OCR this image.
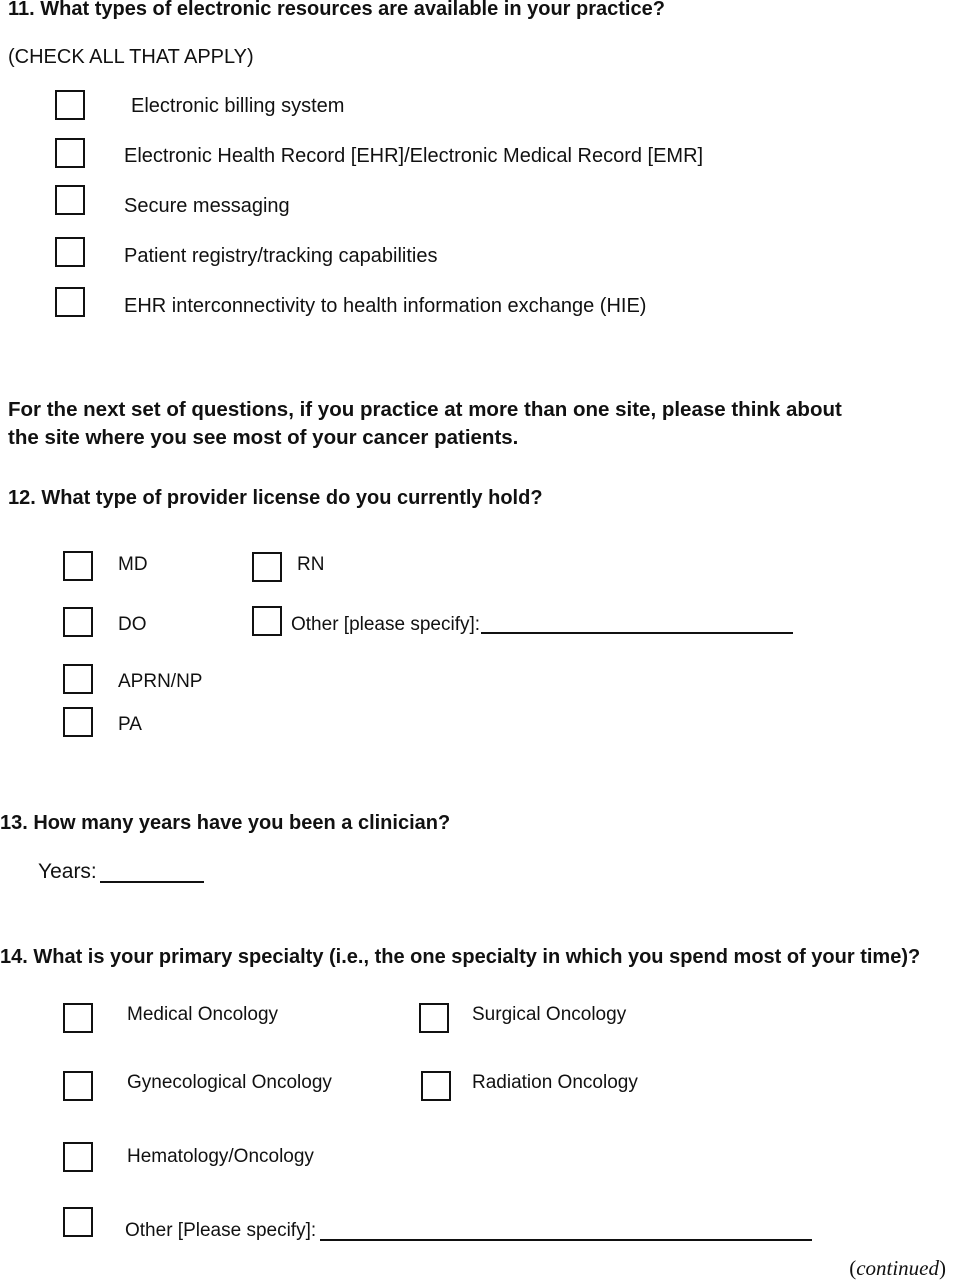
11. What types of electronic resources are available in your practice?
(CHECK ALL THAT APPLY)
Electronic billing system
Electronic Health Record [EHR]/Electronic Medical Record [EMR]
Secure messaging
Patient registry/tracking capabilities
EHR interconnectivity to health information exchange (HIE)
For the next set of questions, if you practice at more than one site, please think about
the site where you see most of your cancer patients.
12. What type of provider license do you currently hold?
MD	RN
DO	Other [please specify]:
APRN/NP
PA
13. How many years have you been a clinician?
Years:
14. What is your primary specialty (i.e., the one specialty in which you spend most of your time)?
Medical Oncology	Surgical Oncology
Gynecological Oncology	Radiation Oncology
Hematology/Oncology
Other [Please specify]:
(continued)
